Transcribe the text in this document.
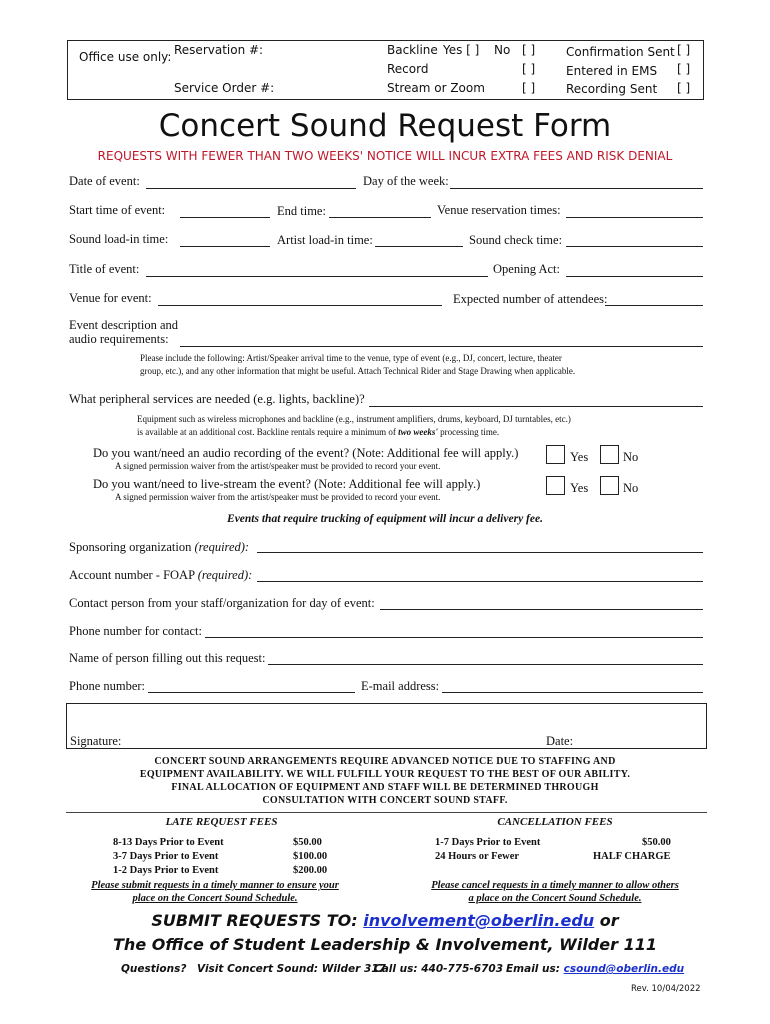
Office use only: Reservation #:
Service Order #:
Backline Yes [ ] No [ ]
Record	[ ]
Stream or Zoom	[ ]
Confirmation Sent [ ]
Entered in EMS [ ]
Recording Sent [ ]
Concert Sound Request Form
REQUESTS WITH FEWER THAN TWO WEEKS' NOTICE WILL INCUR EXTRA FEES AND RISK DENIAL
Date of event:	Day of the week:
Start time of event:	End time:	Venue reservation times:
Sound load-in time:	Artist load-in time:	Sound check time:
Title of event:	Opening Act:
Venue for event:	Expected number of attendees:
Event description and
audio requirements:
Please include the following: Artist/Speaker arrival time to the venue, type of event (e.g., DJ, concert, lecture, theater
group, etc.), and any other information that might be useful. Attach Technical Rider and Stage Drawing when applicable.
What peripheral services are needed (e.g. lights, backline)?
Equipment such as wireless microphones and backline (e.g., instrument amplifiers, drums, keyboard, DJ turntables, etc.)
is available at an additional cost. Backline rentals require a minimum of two weeks' processing time.
Do you want/need an audio recording of the event? (Note: Additional fee will apply.)
A signed permission waiver from the artist/speaker must be provided to record your event.
Yes	No
Do you want/need to live-stream the event? (Note: Additional fee will apply.)
A signed permission waiver from the artist/speaker must be provided to record your event.
Yes	No
Events that require trucking of equipment will incur a delivery fee.
Sponsoring organization (required):
Account number - FOAP (required):
Contact person from your staff/organization for day of event:
Phone number for contact:
Name of person filling out this request:
Phone number:	E-mail address:
Signature:	Date:
CONCERT SOUND ARRANGEMENTS REQUIRE ADVANCED NOTICE DUE TO STAFFING AND
EQUIPMENT AVAILABILITY. WE WILL FULFILL YOUR REQUEST TO THE BEST OF OUR ABILITY.
FINAL ALLOCATION OF EQUIPMENT AND STAFF WILL BE DETERMINED THROUGH
CONSULTATION WITH CONCERT SOUND STAFF.
LATE REQUEST FEES
8-13 Days Prior to Event	$50.00
3-7 Days Prior to Event	$100.00
1-2 Days Prior to Event	$200.00
Please submit requests in a timely manner to ensure your
place on the Concert Sound Schedule.
CANCELLATION FEES
1-7 Days Prior to Event	$50.00
24 Hours or Fewer	HALF CHARGE
Please cancel requests in a timely manner to allow others
a place on the Concert Sound Schedule.
SUBMIT REQUESTS TO: involvement@oberlin.edu or
The Office of Student Leadership & Involvement, Wilder 111
Questions? Visit Concert Sound: Wilder 317
Call us: 440-775-6703 Email us: csound@oberlin.edu
Rev. 10/04/2022
